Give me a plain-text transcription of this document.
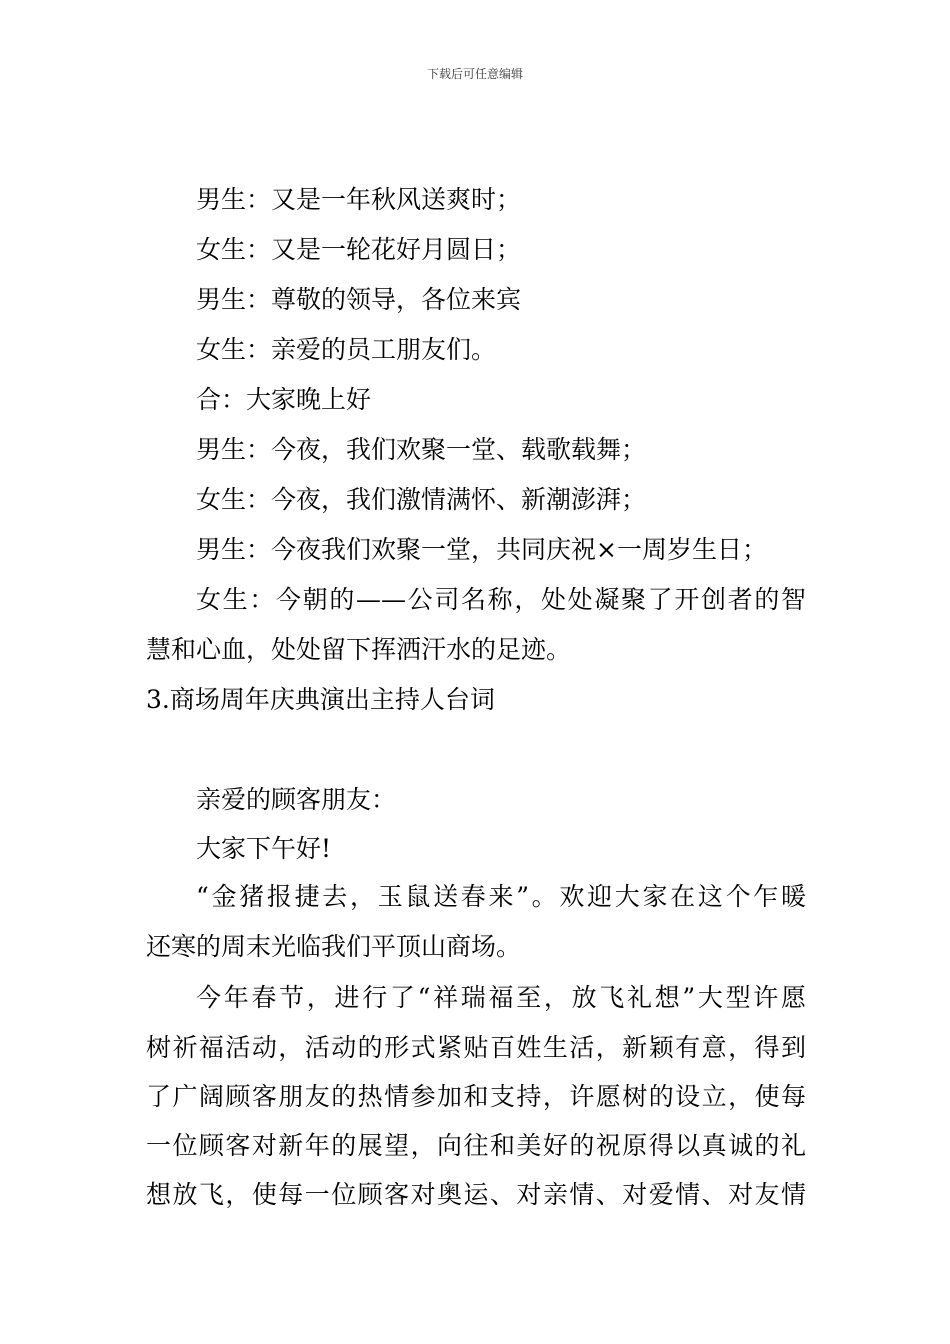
下载后可任意编辑
男生：又是一年秋风送爽时；
女生：又是一轮花好月圆日；
男生：尊敬的领导，各位来宾
女生：亲爱的员工朋友们。
合：大家晚上好
男生：今夜，我们欢聚一堂、载歌载舞；
女生：今夜，我们激情满怀、新潮澎湃；
男生：今夜我们欢聚一堂，共同庆祝×一周岁生日；
女生：今朝的——公司名称，处处凝聚了开创者的智
慧和心血，处处留下挥洒汗水的足迹。
3.商场周年庆典演出主持人台词
亲爱的顾客朋友：
大家下午好!
“金猪报捷去，玉鼠送春来”。欢迎大家在这个乍暖
还寒的周末光临我们平顶山商场。
今年春节，进行了“祥瑞福至，放飞礼想”大型许愿
树祈福活动，活动的形式紧贴百姓生活，新颖有意，得到
了广阔顾客朋友的热情参加和支持，许愿树的设立，使每
一位顾客对新年的展望，向往和美好的祝原得以真诚的礼
想放飞，使每一位顾客对奥运、对亲情、对爱情、对友情
